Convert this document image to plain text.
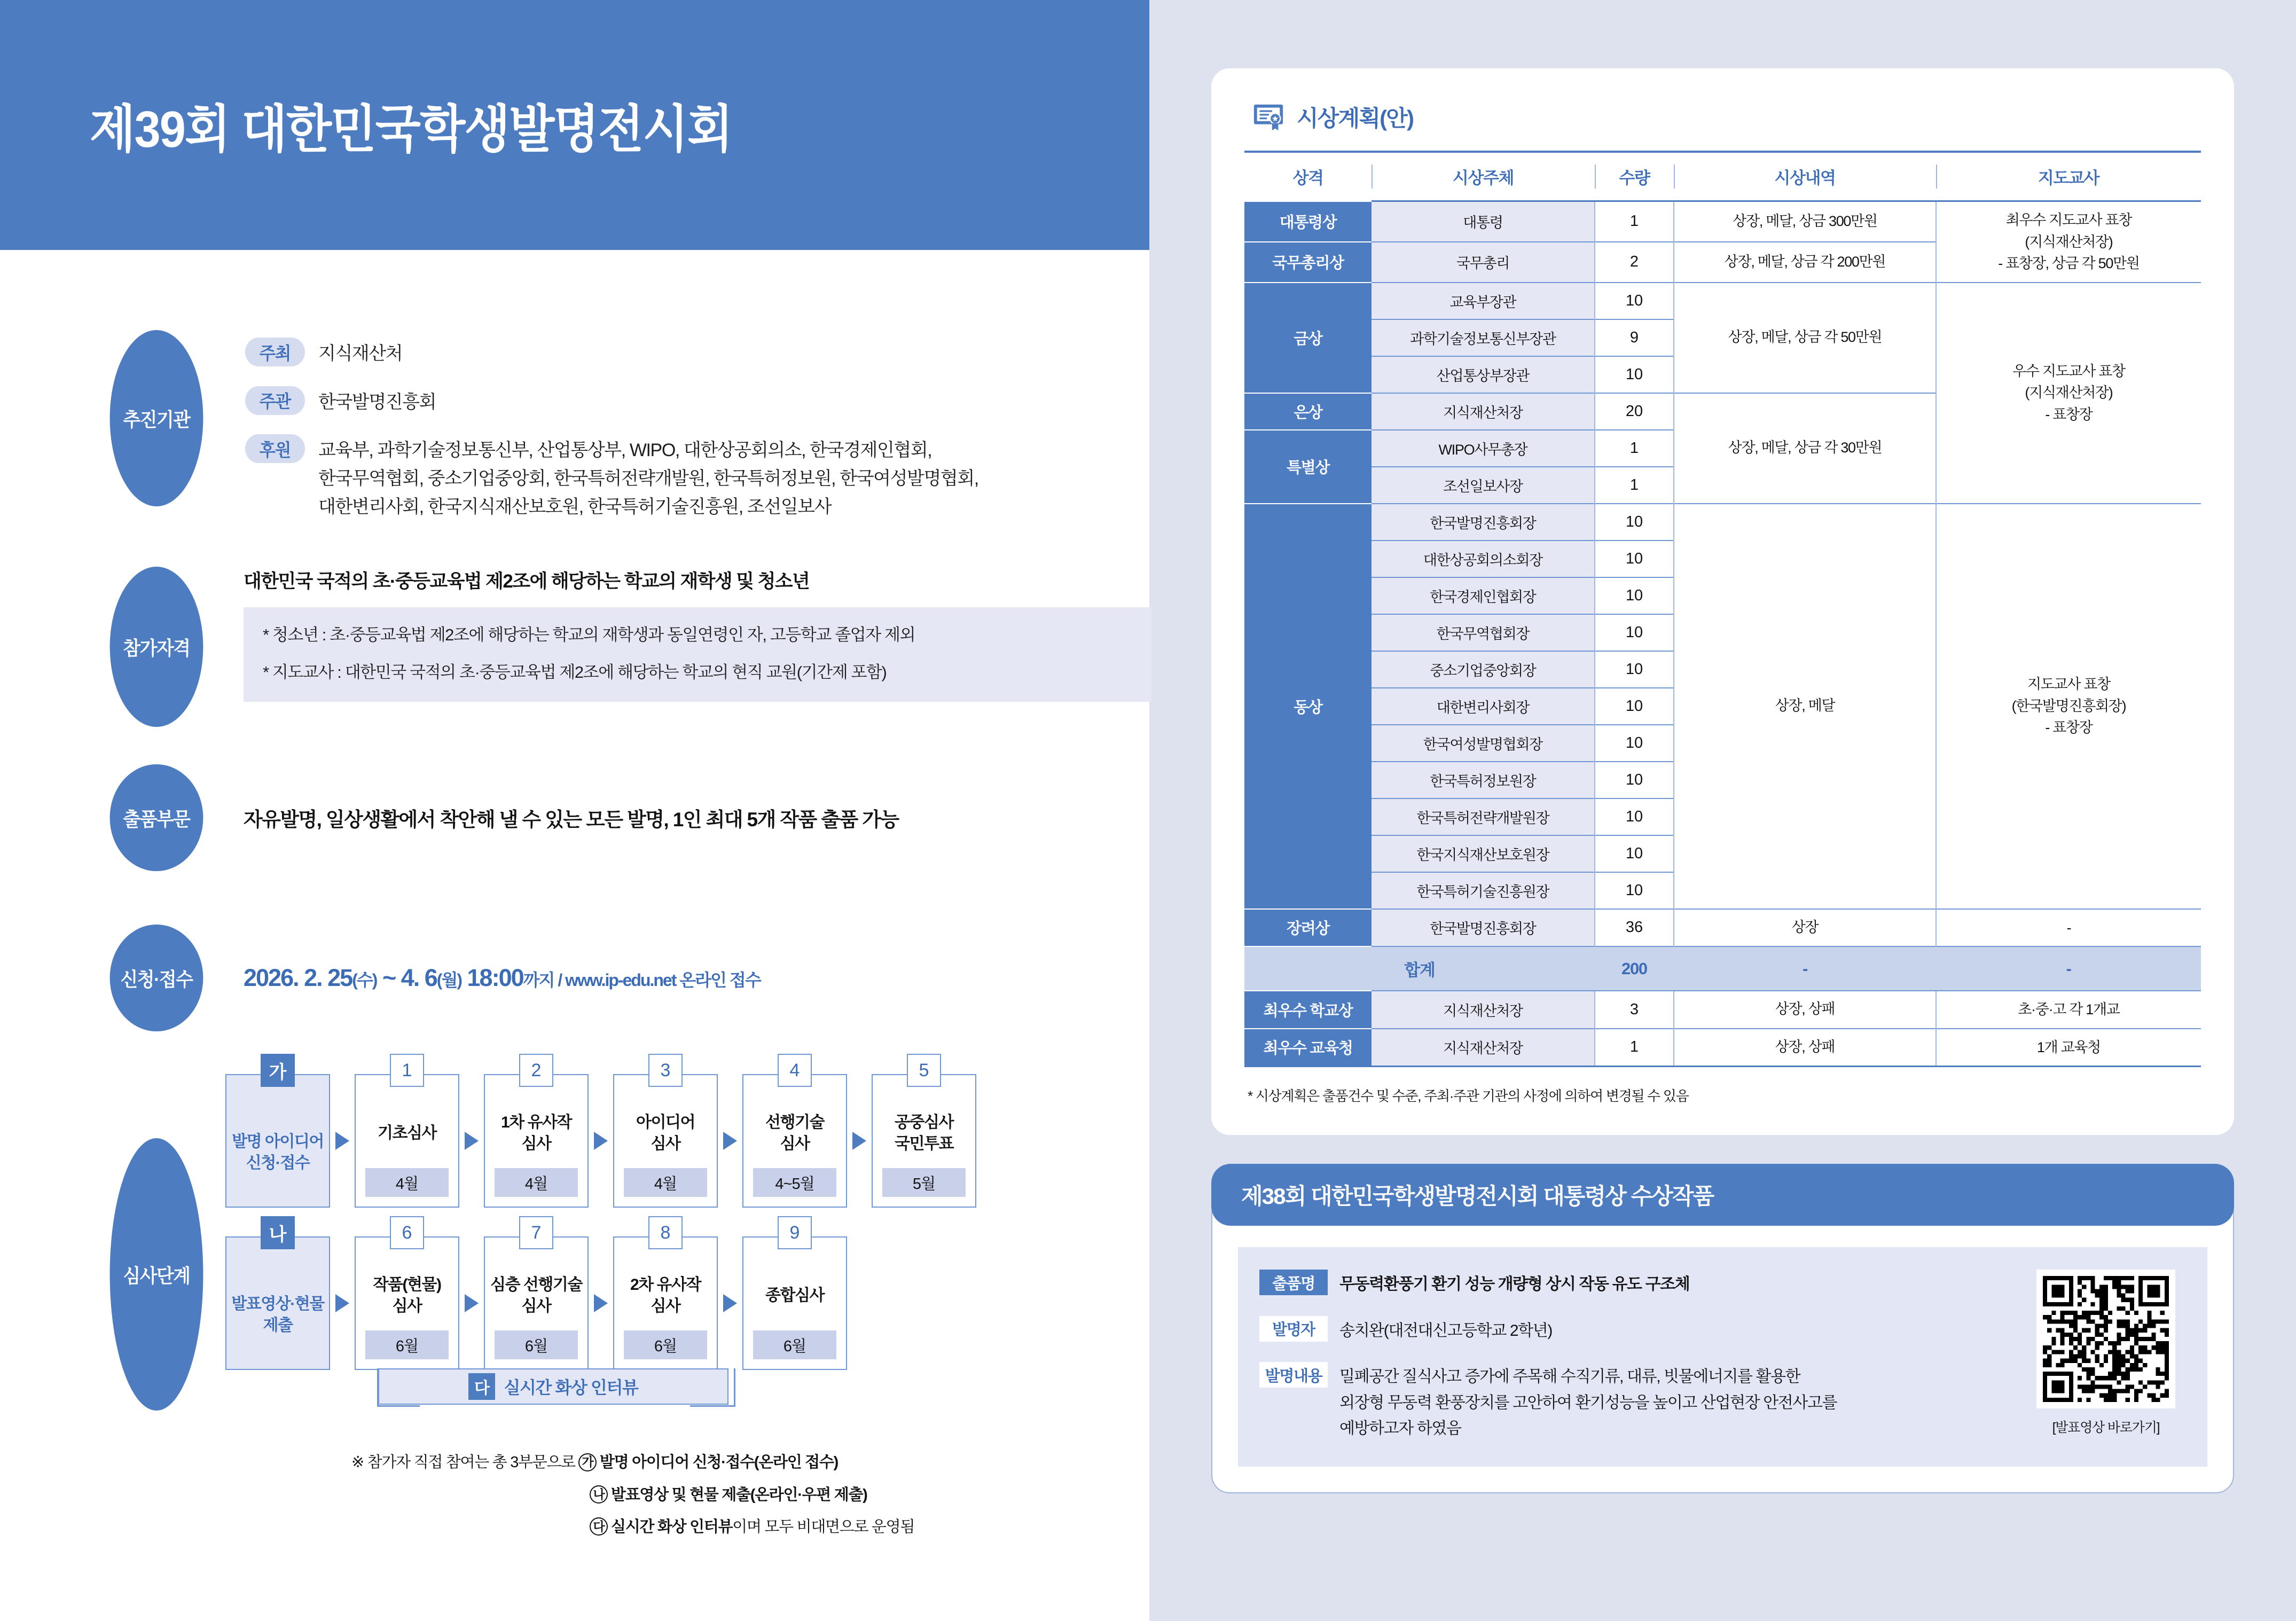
제39회 대한민국학생발명전시회
추진기관
주최	지식재산처
주관	한국발명진흥회
후원	교육부, 과학기술정보통신부, 산업통상부, WIPO, 대한상공회의소, 한국경제인협회,
한국무역협회, 중소기업중앙회, 한국특허전략개발원, 한국특허정보원, 한국여성발명협회,
대한변리사회, 한국지식재산보호원, 한국특허기술진흥원, 조선일보사
참가자격
대한민국 국적의 초·중등교육법 제2조에 해당하는 학교의 재학생 및 청소년
* 청소년 : 초·중등교육법 제2조에 해당하는 학교의 재학생과 동일연령인 자, 고등학교 졸업자 제외
* 지도교사 : 대한민국 국적의 초·중등교육법 제2조에 해당하는 학교의 현직 교원(기간제 포함)
출품부문	자유발명, 일상생활에서 착안해 낼 수 있는 모든 발명, 1인 최대 5개 작품 출품 가능
신청·접수	2026. 2. 25(수) ~ 4. 6(월) 18:00까지 / www.ip-edu.net 온라인 접수
심사단계
가
발명 아이디어
신청·접수
1
기초심사
4월
2
1차 유사작
심사
4월
3
아이디어
심사
4월
4
선행기술
심사
4~5월
5
공중심사
국민투표
5월
나
발표영상·현물
제출
6
작품(현물)
심사
6월
7
심층 선행기술
심사
6월
8
2차 유사작
심사
6월
9
종합심사
6월
다 실시간 화상 인터뷰
※ 참가자 직접 참여는 총 3부문으로 가 발명 아이디어 신청·접수(온라인 접수)
나 발표영상 및 현물 제출(온라인·우편 제출)
다 실시간 화상 인터뷰이며 모두 비대면으로 운영됨
시상계획(안)
상격	시상주체	수량	시상내역	지도교사
대통령상	대통령	1	상장, 메달, 상금 300만원	최우수 지도교사 표창
(지식재산처장)
- 표창장, 상금 각 50만원
국무총리상	국무총리	2	상장, 메달, 상금 각 200만원	
금상	교육부장관	10	상장, 메달, 상금 각 50만원	우수 지도교사 표창
(지식재산처장)
- 표창장
	과학기술정보통신부장관	9		
	산업통상부장관	10		
은상	지식재산처장	20	상장, 메달, 상금 각 30만원	
특별상	WIPO사무총장	1		
	조선일보사장	1		
동상	한국발명진흥회장	10	상장, 메달	지도교사 표창
(한국발명진흥회장)
- 표창장
	대한상공회의소회장	10		
	한국경제인협회장	10		
	한국무역협회장	10		
	중소기업중앙회장	10		
	대한변리사회장	10		
	한국여성발명협회장	10		
	한국특허정보원장	10		
	한국특허전략개발원장	10		
	한국지식재산보호원장	10		
	한국특허기술진흥원장	10		
장려상	한국발명진흥회장	36	상장	-
합계		200	-	-
최우수 학교상	지식재산처장	3	상장, 상패	초·중·고 각 1개교
최우수 교육청	지식재산처장	1	상장, 상패	1개 교육청
* 시상계획은 출품건수 및 수준, 주최·주관 기관의 사정에 의하여 변경될 수 있음
제38회 대한민국학생발명전시회 대통령상 수상작품
출품명	무동력환풍기 환기 성능 개량형 상시 작동 유도 구조체
발명자	송치완(대전대신고등학교 2학년)
발명내용	밀폐공간 질식사고 증가에 주목해 수직기류, 대류, 빗물에너지를 활용한
외장형 무동력 환풍장치를 고안하여 환기성능을 높이고 산업현장 안전사고를
예방하고자 하였음	[발표영상 바로가기]
